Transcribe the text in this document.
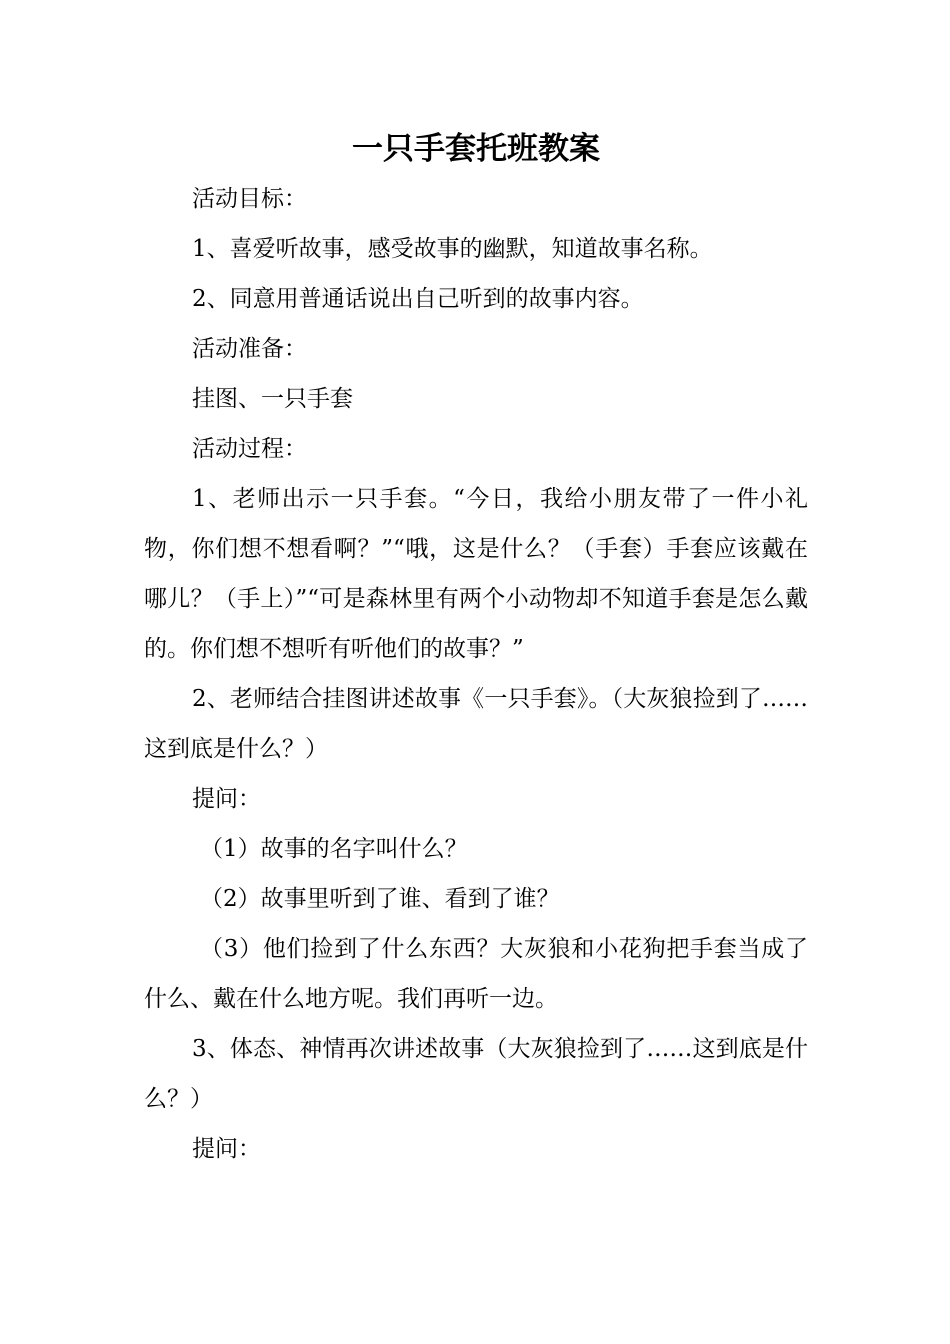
一只手套托班教案

活动目标：

1、喜爱听故事，感受故事的幽默，知道故事名称。

2、同意用普通话说出自己听到的故事内容。

活动准备：

挂图、一只手套

活动过程：

1、老师出示一只手套。“今日，我给小朋友带了一件小礼物，你们想不想看啊？”“哦，这是什么？（手套）手套应该戴在哪儿？（手上）”“可是森林里有两个小动物却不知道手套是怎么戴的。你们想不想听有听他们的故事？”

2、老师结合挂图讲述故事《一只手套》。（大灰狼捡到了……这到底是什么？）

提问：

（1）故事的名字叫什么？

（2）故事里听到了谁、看到了谁？

（3）他们捡到了什么东西？大灰狼和小花狗把手套当成了什么、戴在什么地方呢。我们再听一边。

3、体态、神情再次讲述故事（大灰狼捡到了……这到底是什么？）

提问：
